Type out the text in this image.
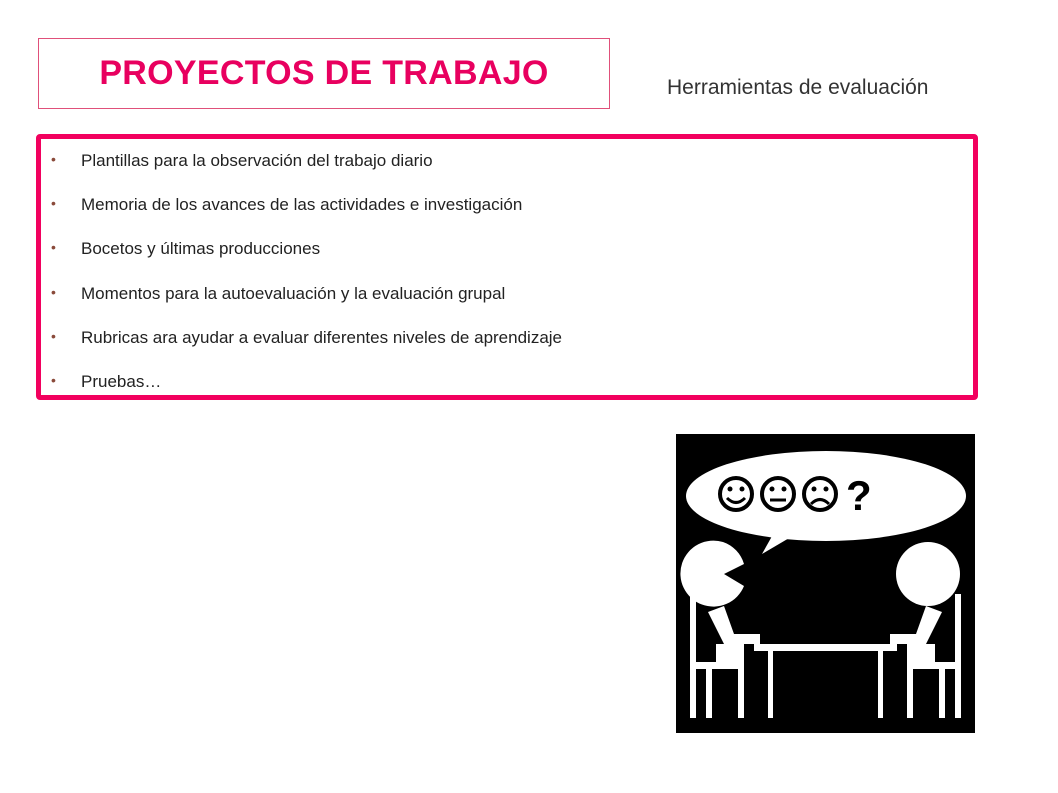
PROYECTOS DE TRABAJO	Herramientas de evaluación
• Plantillas para la observación del trabajo diario
• Memoria de los avances de las actividades e investigación
• Bocetos y últimas producciones
• Momentos para la autoevaluación y la evaluación grupal
• Rubricas ara ayudar a evaluar diferentes niveles de aprendizaje
• Pruebas…
?
